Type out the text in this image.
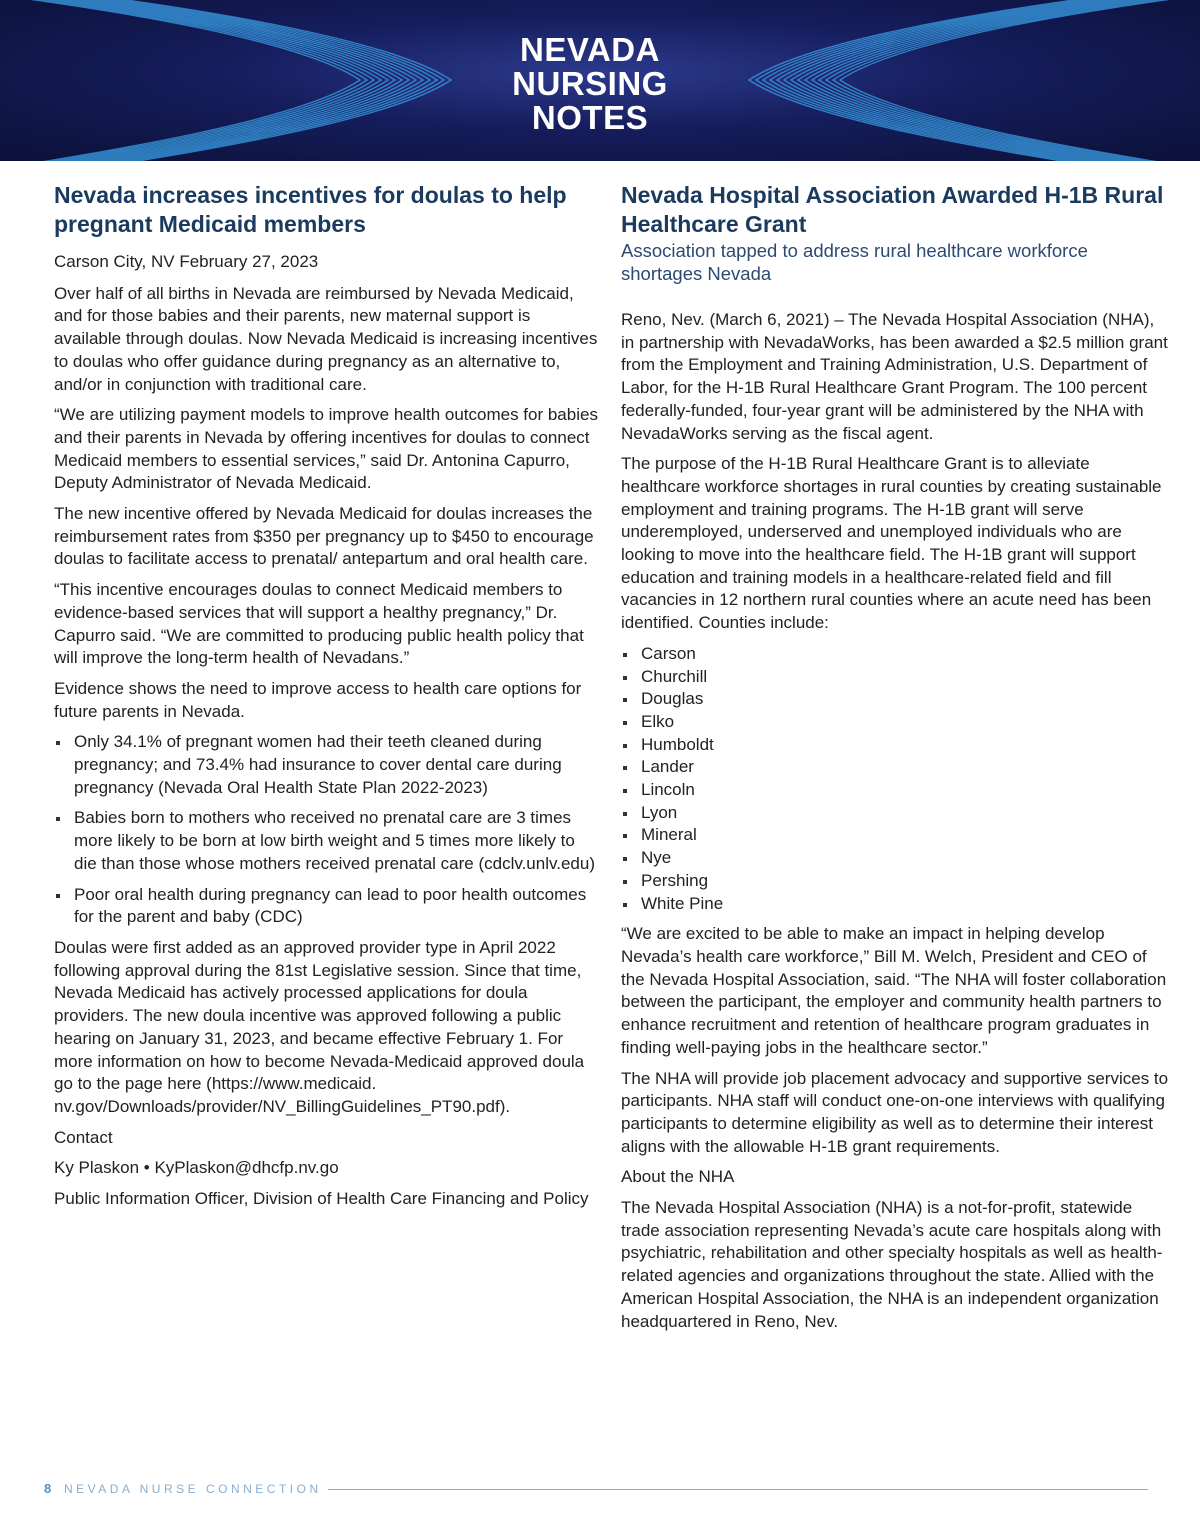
NEVADA
NURSING
NOTES
Nevada increases incentives for doulas to help pregnant Medicaid members

Carson City, NV February 27, 2023

Over half of all births in Nevada are reimbursed by Nevada Medicaid, and for those babies and their parents, new maternal support is available through doulas. Now Nevada Medicaid is increasing incentives to doulas who offer guidance during pregnancy as an alternative to, and/or in conjunction with traditional care.

“We are utilizing payment models to improve health outcomes for babies and their parents in Nevada by offering incentives for doulas to connect Medicaid members to essential services,” said Dr. Antonina Capurro, Deputy Administrator of Nevada Medicaid.

The new incentive offered by Nevada Medicaid for doulas increases the reimbursement rates from $350 per pregnancy up to $450 to encourage doulas to facilitate access to prenatal/ antepartum and oral health care.

“This incentive encourages doulas to connect Medicaid members to evidence-based services that will support a healthy pregnancy,” Dr. Capurro said. “We are committed to producing public health policy that will improve the long-term health of Nevadans.”

Evidence shows the need to improve access to health care options for future parents in Nevada.

Only 34.1% of pregnant women had their teeth cleaned during pregnancy; and 73.4% had insurance to cover dental care during pregnancy (Nevada Oral Health State Plan 2022-2023)
Babies born to mothers who received no prenatal care are 3 times more likely to be born at low birth weight and 5 times more likely to die than those whose mothers received prenatal care (cdclv.unlv.edu)
Poor oral health during pregnancy can lead to poor health outcomes for the parent and baby (CDC)

Doulas were first added as an approved provider type in April 2022 following approval during the 81st Legislative session. Since that time, Nevada Medicaid has actively processed applications for doula providers. The new doula incentive was approved following a public hearing on January 31, 2023, and became effective February 1. For more information on how to become Nevada-Medicaid approved doula go to the page here (https://www.medicaid. nv.gov/Downloads/provider/NV_BillingGuidelines_PT90.pdf).

Contact

Ky Plaskon • KyPlaskon@dhcfp.nv.go

Public Information Officer, Division of Health Care Financing and Policy

Nevada Hospital Association Awarded H-1B Rural Healthcare Grant

Association tapped to address rural healthcare workforce shortages Nevada

Reno, Nev. (March 6, 2021) – The Nevada Hospital Association (NHA), in partnership with NevadaWorks, has been awarded a $2.5 million grant from the Employment and Training Administration, U.S. Department of Labor, for the H-1B Rural Healthcare Grant Program. The 100 percent federally-funded, four-year grant will be administered by the NHA with NevadaWorks serving as the fiscal agent.

The purpose of the H-1B Rural Healthcare Grant is to alleviate healthcare workforce shortages in rural counties by creating sustainable employment and training programs. The H-1B grant will serve underemployed, underserved and unemployed individuals who are looking to move into the healthcare field. The H-1B grant will support education and training models in a healthcare-related field and fill vacancies in 12 northern rural counties where an acute need has been identified. Counties include:

Carson
Churchill
Douglas
Elko
Humboldt
Lander
Lincoln
Lyon
Mineral
Nye
Pershing
White Pine

“We are excited to be able to make an impact in helping develop Nevada’s health care workforce,” Bill M. Welch, President and CEO of the Nevada Hospital Association, said. “The NHA will foster collaboration between the participant, the employer and community health partners to enhance recruitment and retention of healthcare program graduates in finding well-paying jobs in the healthcare sector.”

The NHA will provide job placement advocacy and supportive services to participants. NHA staff will conduct one-on-one interviews with qualifying participants to determine eligibility as well as to determine their interest aligns with the allowable H-1B grant requirements.

About the NHA

The Nevada Hospital Association (NHA) is a not-for-profit, statewide trade association representing Nevada’s acute care hospitals along with psychiatric, rehabilitation and other specialty hospitals as well as health-related agencies and organizations throughout the state. Allied with the American Hospital Association, the NHA is an independent organization headquartered in Reno, Nev.

8 NEVADA NURSE CONNECTION
